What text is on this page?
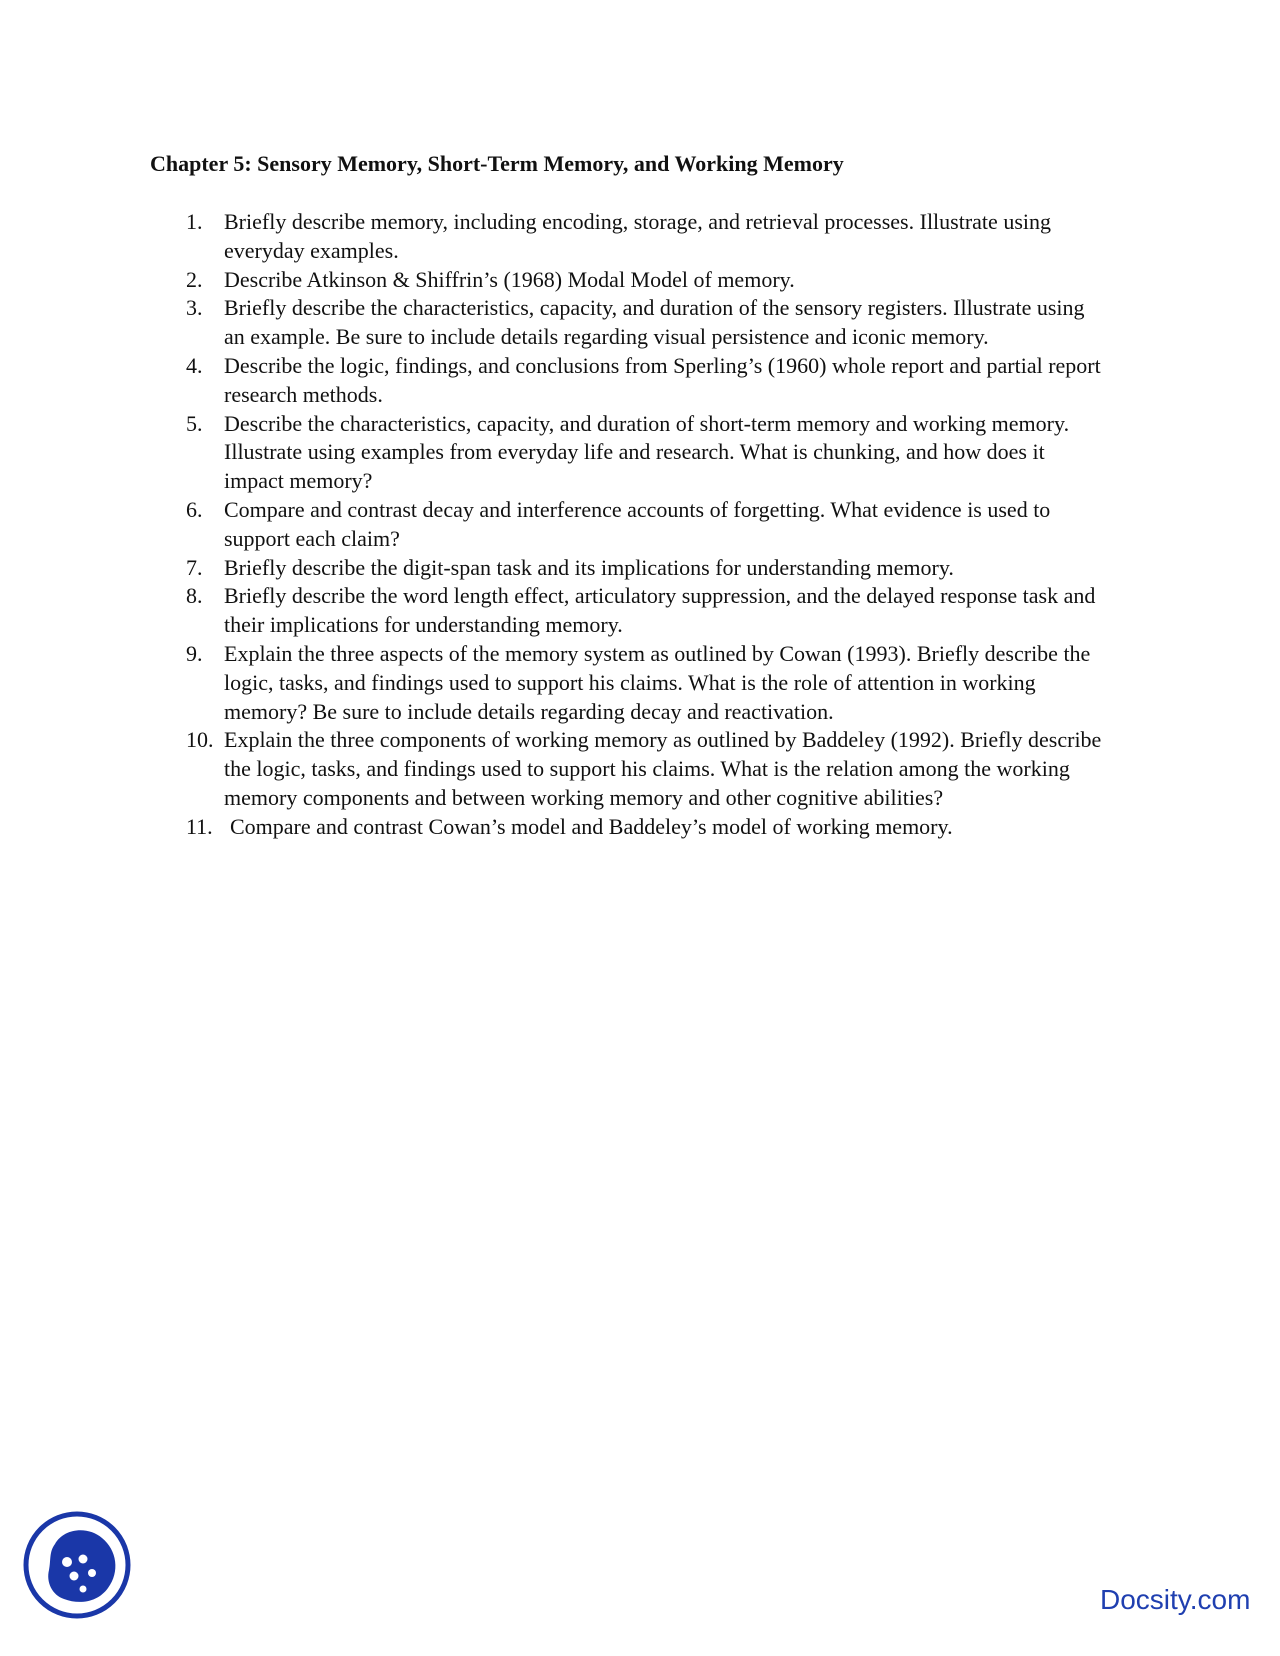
Chapter 5: Sensory Memory, Short-Term Memory, and Working Memory
1. Briefly describe memory, including encoding, storage, and retrieval processes. Illustrate using everyday examples.
2. Describe Atkinson & Shiffrin’s (1968) Modal Model of memory.
3. Briefly describe the characteristics, capacity, and duration of the sensory registers. Illustrate using an example. Be sure to include details regarding visual persistence and iconic memory.
4. Describe the logic, findings, and conclusions from Sperling’s (1960) whole report and partial report research methods.
5. Describe the characteristics, capacity, and duration of short-term memory and working memory. Illustrate using examples from everyday life and research. What is chunking, and how does it impact memory?
6. Compare and contrast decay and interference accounts of forgetting. What evidence is used to support each claim?
7. Briefly describe the digit-span task and its implications for understanding memory.
8. Briefly describe the word length effect, articulatory suppression, and the delayed response task and their implications for understanding memory.
9. Explain the three aspects of the memory system as outlined by Cowan (1993). Briefly describe the logic, tasks, and findings used to support his claims. What is the role of attention in working memory? Be sure to include details regarding decay and reactivation.
10. Explain the three components of working memory as outlined by Baddeley (1992). Briefly describe the logic, tasks, and findings used to support his claims. What is the relation among the working memory components and between working memory and other cognitive abilities?
11. Compare and contrast Cowan’s model and Baddeley’s model of working memory.
Docsity.com
